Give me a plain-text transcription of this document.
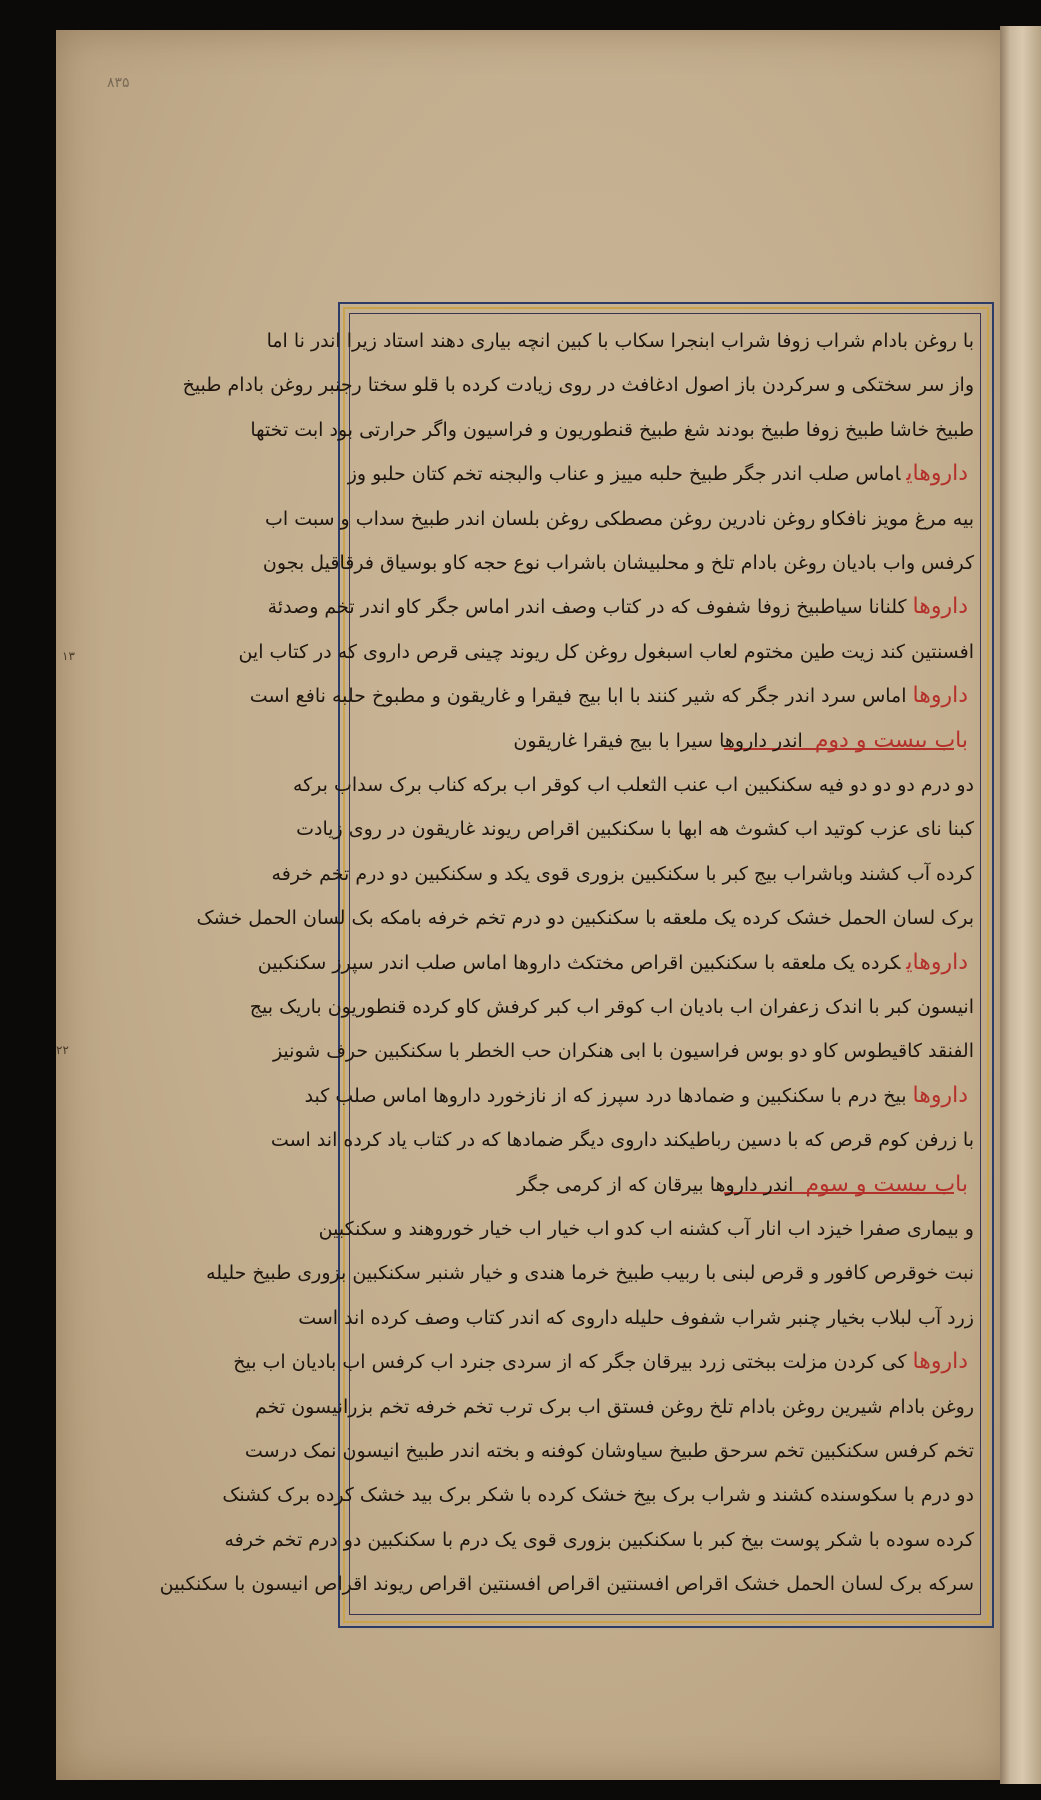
۸۳۵
۱۳
۲۲
با روغن بادام شراب زوفا شراب ابنجرا سکاب با کبین انچه بیاری دهند استاد زیرا اندر نا اما
واز سر سختکی و سرکردن باز اصول ادغافث در روی زیادت کرده با قلو سختا رجنبر روغن بادام طبیخ
طبیخ خاشا طبیخ زوفا طبیخ بودند شغ طبیخ قنطوریون و فراسیون واگر حرارتی بود ابت تختها
داروهایاماس صلب اندر جگر طبیخ حلبه مییز و عناب والبجنه تخم کتان حلبو وز
بیه مرغ مویز نافکاو روغن نادرین روغن مصطکی روغن بلسان اندر طبیخ سداب و سبت اب
کرفس واب بادیان روغن بادام تلخ و محلبیشان باشراب نوع حجه کاو بوسیاق فرقاقیل بجون
داروهاکلنانا سیاطبیخ زوفا شفوف که در کتاب وصف اندر اماس جگر کاو اندر تخم وصدئة
افسنتین کند زیت طین مختوم لعاب اسبغول روغن کل ریوند چینی قرص داروی که در کتاب این
داروهااماس سرد اندر جگر که شیر کنند با ابا بیج فیقرا و غاریقون و مطبوخ حلبه نافع است
باب بیست و دوم اندر داروها سیرا با بیج فیقرا غاریقون
دو درم دو دو دو فیه سکنکبین اب عنب الثعلب اب کوقر اب برکه کناب برک سداب برکه
کبنا نای عزب کوتید اب کشوث هه ابها با سکنکبین اقراص ریوند غاریقون در روی زیادت
کرده آب کشند وباشراب بیج کبر با سکنکبین بزوری قوی یکد و سکنکبین دو درم تخم خرفه
برک لسان الحمل خشک کرده یک ملعقه با سکنکبین دو درم تخم خرفه بامکه بک لسان الحمل خشک
داروهایکرده یک ملعقه با سکنکبین اقراص مختکث داروها اماس صلب اندر سپرز سکنکبین
انیسون کبر با اندک زعفران اب بادیان اب کوقر اب کبر کرفش کاو کرده قنطوریون باریک بیج
الفنقد کاقیطوس کاو دو بوس فراسیون با ابی هنکران حب الخطر با سکنکبین حرف شونیز
داروهابیخ درم با سکنکبین و ضمادها درد سپرز که از نازخورد داروها اماس صلب کبد
با زرفن کوم قرص که با دسین رباطیکند داروی دیگر ضمادها که در کتاب یاد کرده اند است
باب بیست و سوم اندر داروها بیرقان که از کرمی جگر
و بیماری صفرا خیزد اب انار آب کشنه اب کدو اب خیار اب خیار خوروهند و سکنکبین
نبت خوقرص کافور و قرص لبنی با ربیب طبیخ خرما هندی و خیار شنبر سکنکبین بزوری طبیخ حلیله
زرد آب لبلاب بخیار چنبر شراب شفوف حلیله داروی که اندر کتاب وصف کرده اند است
داروهاکی کردن مزلت ببختی زرد بیرقان جگر که از سردی جنرد اب کرفس اب بادیان اب بیخ
روغن بادام شیرین روغن بادام تلخ روغن فستق اب برک ترب تخم خرفه تخم بزرانیسون تخم
تخم کرفس سکنکبین تخم سرحق طبیخ سیاوشان کوفنه و بخته اندر طبیخ انیسون نمک درست
دو درم با سکوسنده کشند و شراب برک بیخ خشک کرده با شکر برک بید خشک کرده برک کشنک
کرده سوده با شکر پوست بیخ کبر با سکنکبین بزوری قوی یک درم با سکنکبین دو درم تخم خرفه
سرکه برک لسان الحمل خشک اقراص افسنتین اقراص افسنتین اقراص ریوند اقراص انیسون با سکنکبین
